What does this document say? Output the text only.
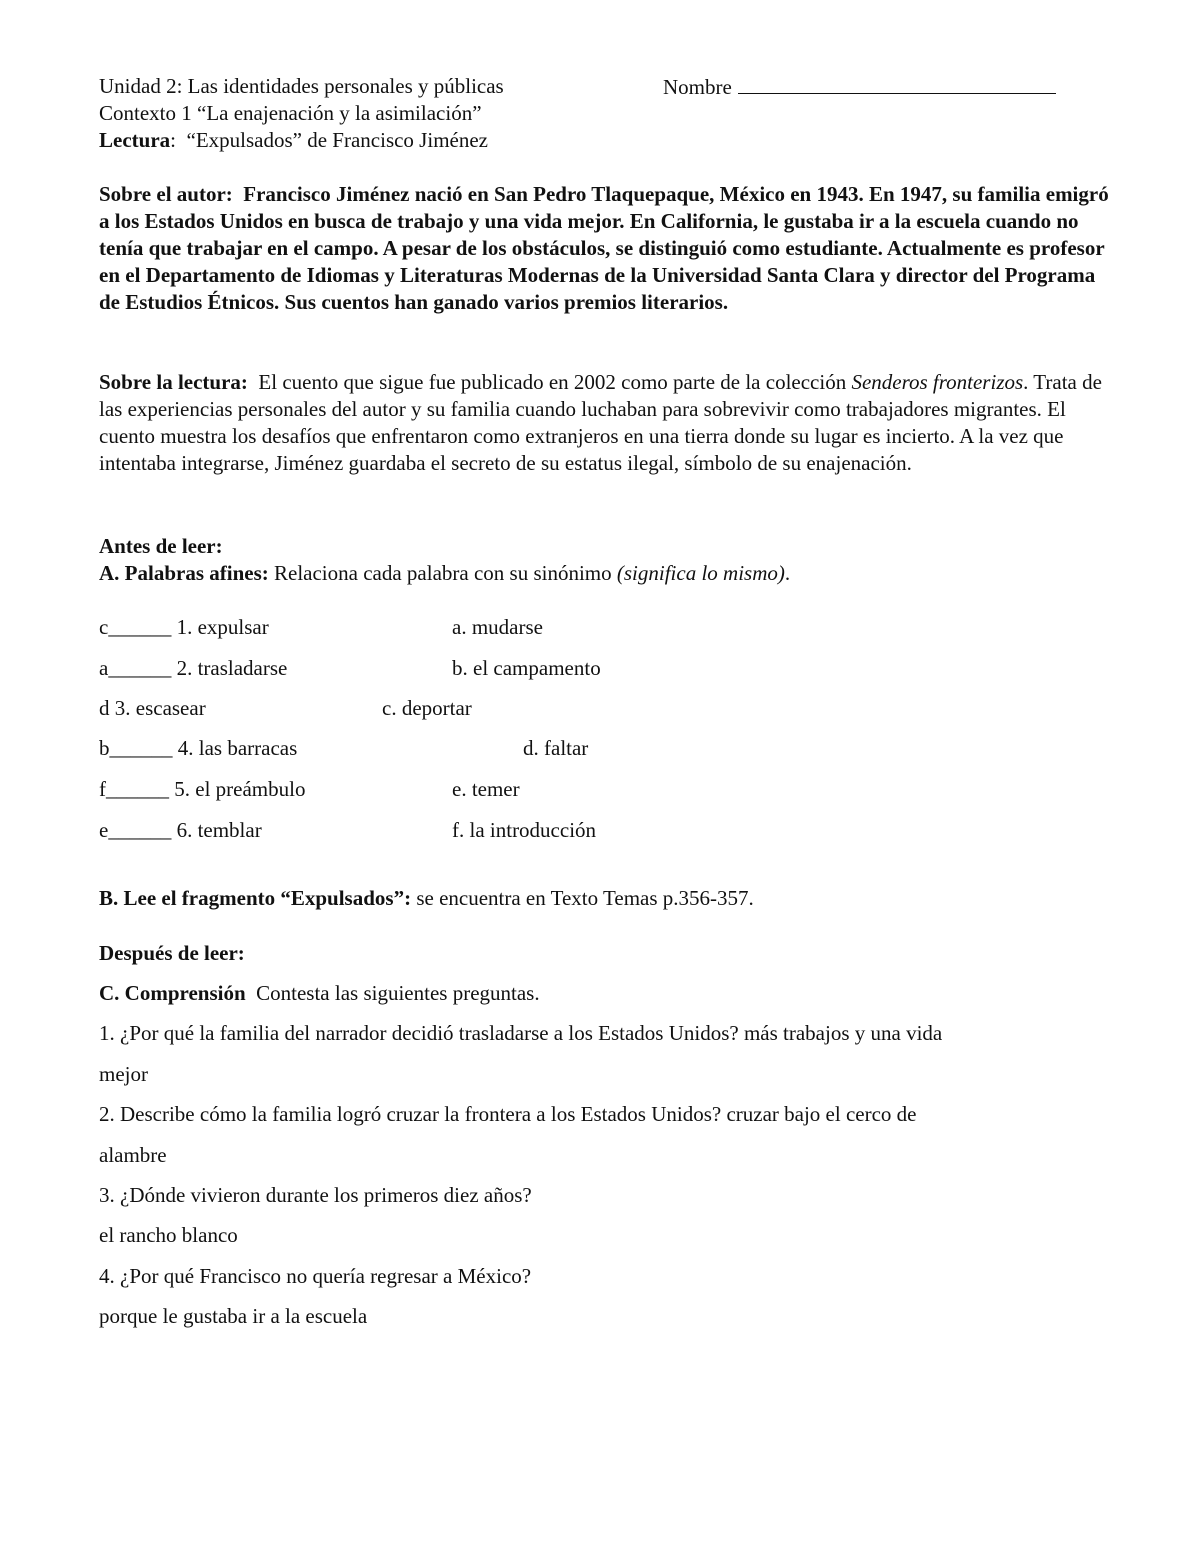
Unidad 2: Las identidades personales y públicas	Nombre
Contexto 1 “La enajenación y la asimilación”
Lectura: “Expulsados” de Francisco Jiménez
Sobre el autor: Francisco Jiménez nació en San Pedro Tlaquepaque, México en 1943. En 1947, su familia emigró a los Estados Unidos en busca de trabajo y una vida mejor. En California, le gustaba ir a la escuela cuando no tenía que trabajar en el campo. A pesar de los obstáculos, se distinguió como estudiante. Actualmente es profesor en el Departamento de Idiomas y Literaturas Modernas de la Universidad Santa Clara y director del Programa de Estudios Étnicos. Sus cuentos han ganado varios premios literarios.
Sobre la lectura: El cuento que sigue fue publicado en 2002 como parte de la colección Senderos fronterizos. Trata de las experiencias personales del autor y su familia cuando luchaban para sobrevivir como trabajadores migrantes. El cuento muestra los desafíos que enfrentaron como extranjeros en una tierra donde su lugar es incierto. A la vez que intentaba integrarse, Jiménez guardaba el secreto de su estatus ilegal, símbolo de su enajenación.
Antes de leer:
A. Palabras afines: Relaciona cada palabra con su sinónimo (significa lo mismo).
c______ 1. expulsar	a. mudarse
a______ 2. trasladarse	b. el campamento
d 3. escasear	c. deportar
b______ 4. las barracas	d. faltar
f______ 5. el preámbulo	e. temer
e______ 6. temblar	f. la introducción
B. Lee el fragmento “Expulsados”: se encuentra en Texto Temas p.356-357.
Después de leer:
C. Comprensión Contesta las siguientes preguntas.
1. ¿Por qué la familia del narrador decidió trasladarse a los Estados Unidos? más trabajos y una vida
mejor
2. Describe cómo la familia logró cruzar la frontera a los Estados Unidos? cruzar bajo el cerco de
alambre
3. ¿Dónde vivieron durante los primeros diez años?
el rancho blanco
4. ¿Por qué Francisco no quería regresar a México?
porque le gustaba ir a la escuela
